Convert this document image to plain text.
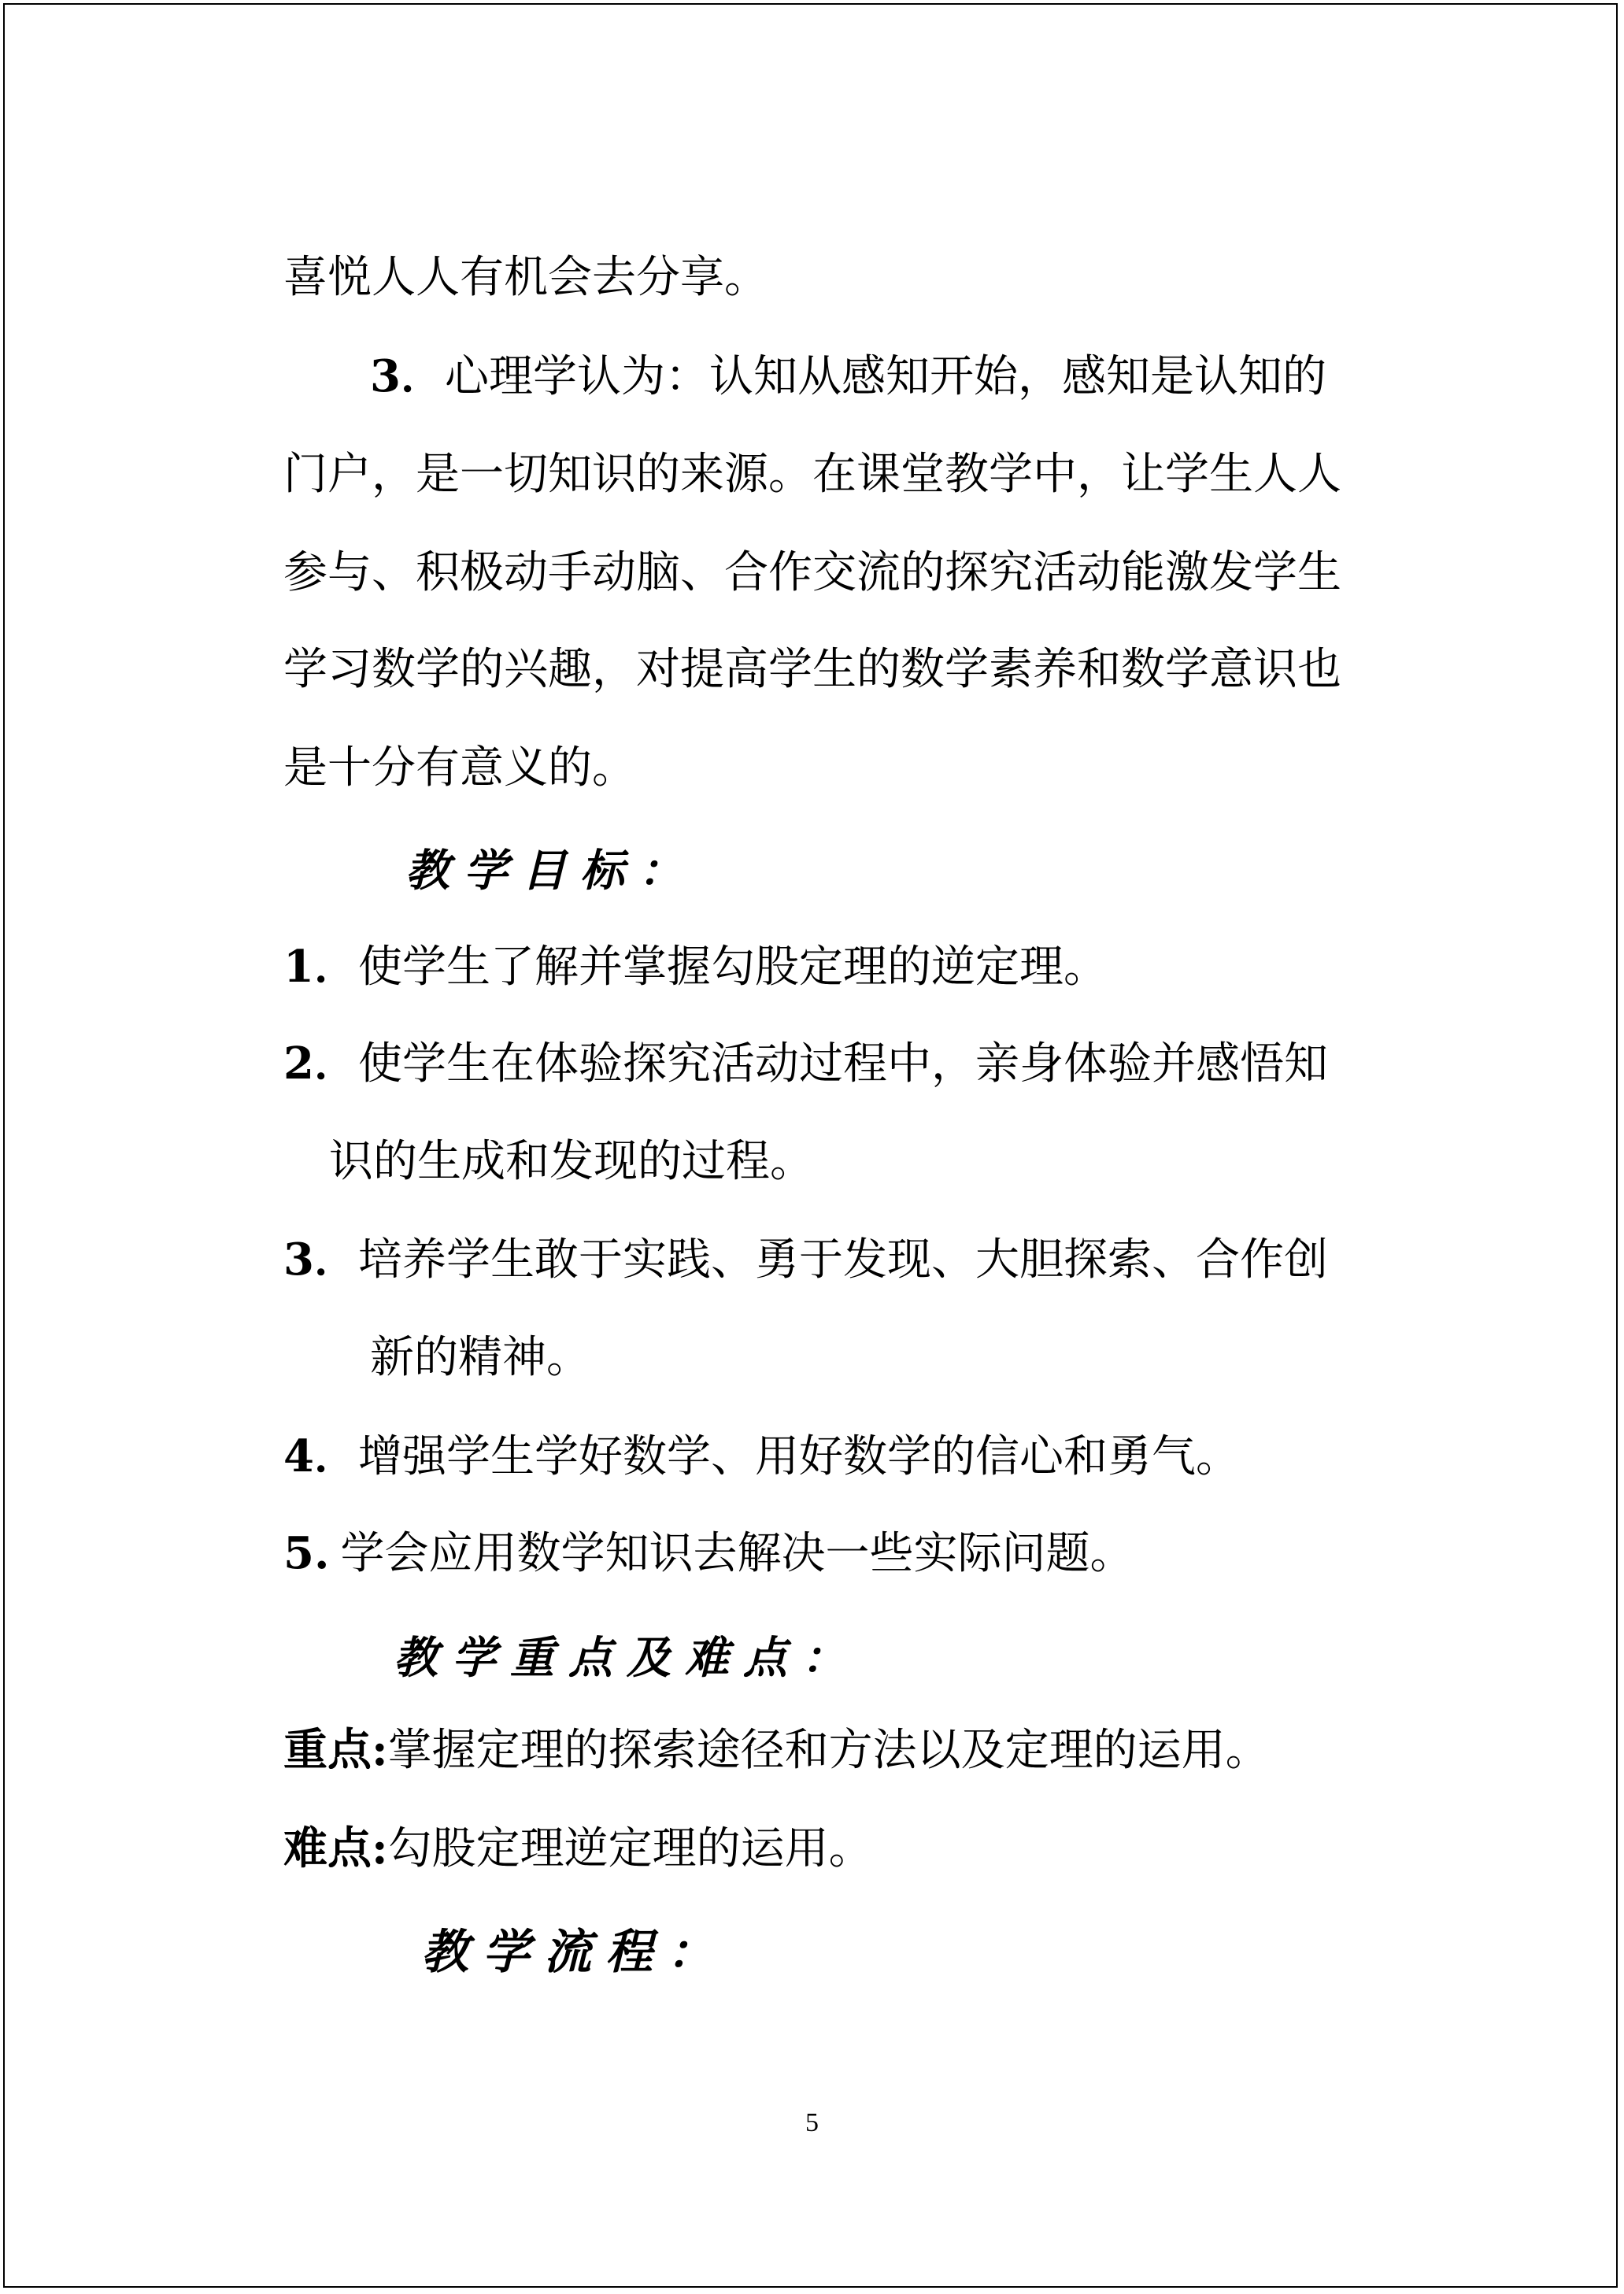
喜悦人人有机会去分享。
3．心理学认为：认知从感知开始，感知是认知的
门户，是一切知识的来源。在课堂教学中，让学生人人
参与、积极动手动脑、合作交流的探究活动能激发学生
学习数学的兴趣，对提高学生的数学素养和数学意识也
是十分有意义的。
教学目标：
1．使学生了解并掌握勾股定理的逆定理。
2．使学生在体验探究活动过程中，亲身体验并感悟知
识的生成和发现的过程。
3．培养学生敢于实践、勇于发现、大胆探索、合作创
新的精神。
4．增强学生学好数学、用好数学的信心和勇气。
5. 学会应用数学知识去解决一些实际问题。
教学重点及难点：
重点:掌握定理的探索途径和方法以及定理的运用。
难点:勾股定理逆定理的运用。
教学流程：
5
